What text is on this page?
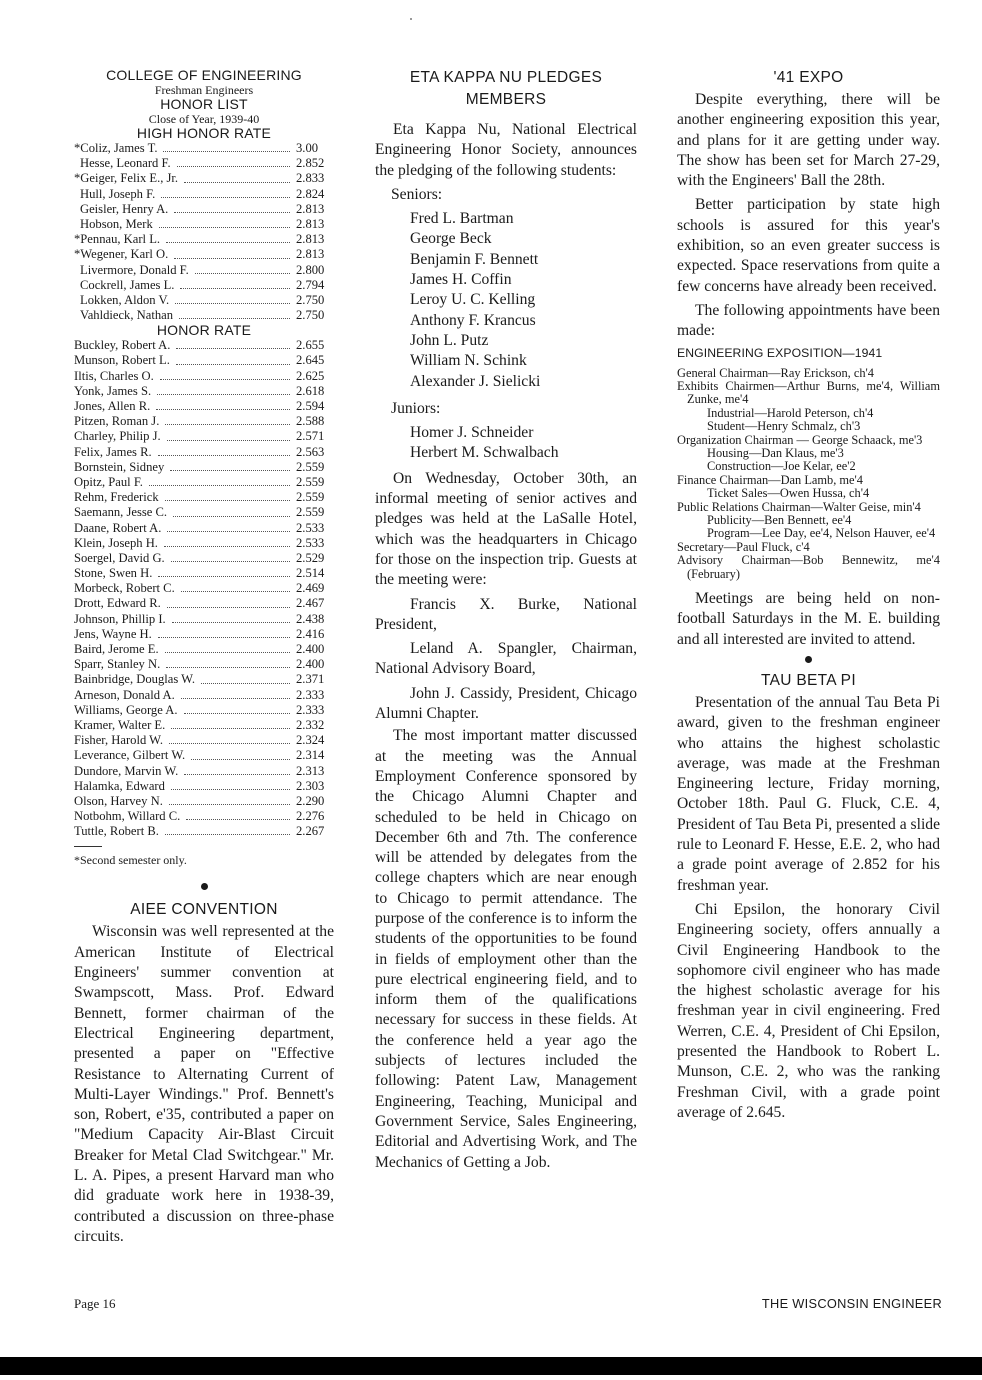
COLLEGE OF ENGINEERING
Freshman Engineers
HONOR LIST
Close of Year, 1939-40
HIGH HONOR RATE
*Coliz, James T.	3.00
Hesse, Leonard F.	2.852
*Geiger, Felix E., Jr.	2.833
Hull, Joseph F.	2.824
Geisler, Henry A.	2.813
Hobson, Merk	2.813
*Pennau, Karl L.	2.813
*Wegener, Karl O.	2.813
Livermore, Donald F.	2.800
Cockrell, James L.	2.794
Lokken, Aldon V.	2.750
Vahldieck, Nathan	2.750
HONOR RATE
Buckley, Robert A.	2.655
Munson, Robert L.	2.645
Iltis, Charles O.	2.625
Yonk, James S.	2.618
Jones, Allen R.	2.594
Pitzen, Roman J.	2.588
Charley, Philip J.	2.571
Felix, James R.	2.563
Bornstein, Sidney	2.559
Opitz, Paul F.	2.559
Rehm, Frederick	2.559
Saemann, Jesse C.	2.559
Daane, Robert A.	2.533
Klein, Joseph H.	2.533
Soergel, David G.	2.529
Stone, Swen H.	2.514
Morbeck, Robert C.	2.469
Drott, Edward R.	2.467
Johnson, Phillip I.	2.438
Jens, Wayne H.	2.416
Baird, Jerome E.	2.400
Sparr, Stanley N.	2.400
Bainbridge, Douglas W.	2.371
Arneson, Donald A.	2.333
Williams, George A.	2.333
Kramer, Walter E.	2.332
Fisher, Harold W.	2.324
Leverance, Gilbert W.	2.314
Dundore, Marvin W.	2.313
Halamka, Edward	2.303
Olson, Harvey N.	2.290
Notbohm, Willard C.	2.276
Tuttle, Robert B.	2.267
*Second semester only.
AIEE CONVENTION

Wisconsin was well represented at the American Institute of Electrical Engineers' summer convention at Swampscott, Mass. Prof. Edward Bennett, former chairman of the Electrical Engineering department, presented a paper on "Effective Resistance to Alternating Current of Multi-Layer Windings." Prof. Bennett's son, Robert, e'35, contributed a paper on "Medium Capacity Air-Blast Circuit Breaker for Metal Clad Switchgear." Mr. L. A. Pipes, a present Harvard man who did graduate work here in 1938-39, contributed a discussion on three-phase circuits.

ETA KAPPA NU PLEDGES
MEMBERS

Eta Kappa Nu, National Electrical Engineering Honor Society, announces the pledging of the following students:

Seniors:
Fred L. Bartman
George Beck
Benjamin F. Bennett
James H. Coffin
Leroy U. C. Kelling
Anthony F. Krancus
John L. Putz
William N. Schink
Alexander J. Sielicki
Juniors:
Homer J. Schneider
Herbert M. Schwalbach

On Wednesday, October 30th, an informal meeting of senior actives and pledges was held at the LaSalle Hotel, which was the headquarters in Chicago for those on the inspection trip. Guests at the meeting were:

Francis X. Burke, National President,
Leland A. Spangler, Chairman, National Advisory Board,
John J. Cassidy, President, Chicago Alumni Chapter.

The most important matter discussed at the meeting was the Annual Employment Conference sponsored by the Chicago Alumni Chapter and scheduled to be held in Chicago on December 6th and 7th. The conference will be attended by delegates from the college chapters which are near enough to Chicago to permit attendance. The purpose of the conference is to inform the students of the opportunities to be found in fields of employment other than the pure electrical engineering field, and to inform them of the qualifications necessary for success in these fields. At the conference held a year ago the subjects of lectures included the following: Patent Law, Management Engineering, Teaching, Municipal and Government Service, Sales Engineering, Editorial and Advertising Work, and The Mechanics of Getting a Job.

'41 EXPO

Despite everything, there will be another engineering exposition this year, and plans for it are getting under way. The show has been set for March 27-29, with the Engineers' Ball the 28th.

Better participation by state high schools is assured for this year's exhibition, so an even greater success is expected. Space reservations from quite a few concerns have already been received.

The following appointments have been made:

ENGINEERING EXPOSITION—1941
General Chairman—Ray Erickson, ch'4
Exhibits Chairmen—Arthur Burns, me'4, William Zunke, me'4
Industrial—Harold Peterson, ch'4
Student—Henry Schmalz, ch'3
Organization Chairman — George Schaack, me'3
Housing—Dan Klaus, me'3
Construction—Joe Kelar, ee'2
Finance Chairman—Dan Lamb, me'4
Ticket Sales—Owen Hussa, ch'4
Public Relations Chairman—Walter Geise, min'4
Publicity—Ben Bennett, ee'4
Program—Lee Day, ee'4, Nelson Hauver, ee'4
Secretary—Paul Fluck, c'4
Advisory Chairman—Bob Bennewitz, me'4 (February)

Meetings are being held on non-football Saturdays in the M. E. building and all interested are invited to attend.

TAU BETA PI

Presentation of the annual Tau Beta Pi award, given to the freshman engineer who attains the highest scholastic average, was made at the Freshman Engineering lecture, Friday morning, October 18th. Paul G. Fluck, C.E. 4, President of Tau Beta Pi, presented a slide rule to Leonard F. Hesse, E.E. 2, who had a grade point average of 2.852 for his freshman year.

Chi Epsilon, the honorary Civil Engineering society, offers annually a Civil Engineering Handbook to the sophomore civil engineer who has made the highest scholastic average for his freshman year in civil engineering. Fred Werren, C.E. 4, President of Chi Epsilon, presented the Handbook to Robert L. Munson, C.E. 2, who was the ranking Freshman Civil, with a grade point average of 2.645.

Page 16	THE WISCONSIN ENGINEER
